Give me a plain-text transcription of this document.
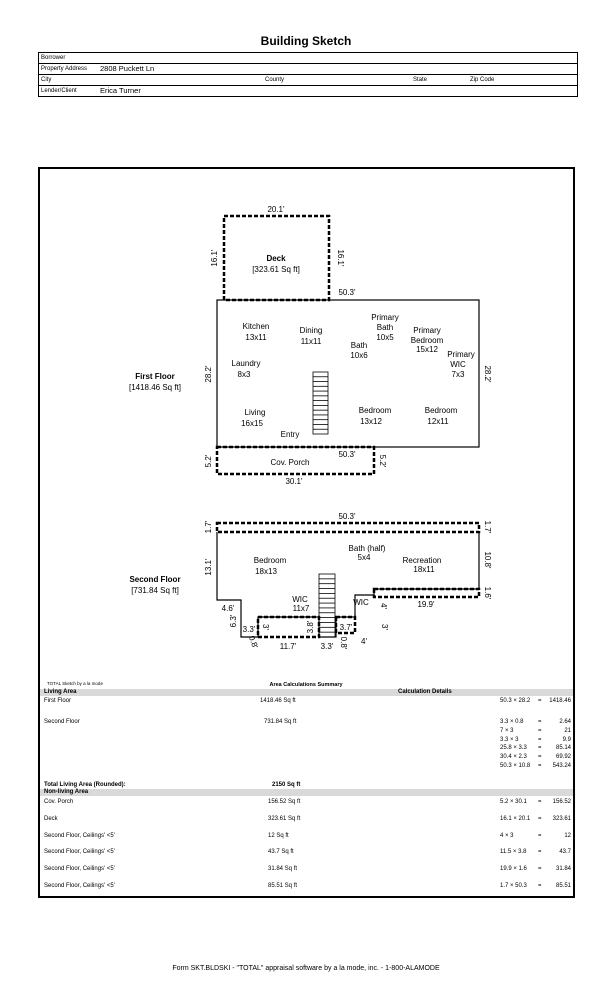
Building Sketch
Borrower
Property Address 2808 Puckett Ln
City	County	State	Zip Code
Lender/Client	Erica Turner
20.1'
16.1'	16.1'
Deck
[323.61 Sq ft]
50.3'
28.2'	28.2'
50.3'
First Floor
[1418.46 Sq ft]
Kitchen
13x11
Dining
11x11
Primary
Bath
10x5
Bath
10x6
Primary
Bedroom
15x12
Primary
WIC
7x3
Laundry
8x3
Living
16x15
Entry
Bedroom
13x12
Bedroom
12x11
Cov. Porch
5.2'	5.2'
30.1'
50.3'
1.7'	1.7'
13.1'	10.8'
1.6'
19.9'
4.6'
6.3'
3.3'
0.8'	11.7'
3'	3.8'
3.3'
3.7'
0.8'
4'
3'
4'
Second Floor
[731.84 Sq ft]
Bedroom
18x13
Bath (half)
5x4	Recreation
18x11
WIC
11x7
WIC
TOTAL Sketch by a la mode	Area Calculations Summary
Living Area	Calculation Details
First Floor	1418.46 Sq ft	50.3 × 28.2 =	1418.46
Second Floor	731.84 Sq ft	3.3 × 0.8 =	2.64
7 × 3	=	21
3.3 × 3	=	9.9
25.8 × 3.3 =	85.14
30.4 × 2.3 =	69.92
50.3 × 10.8 =	543.24
Total Living Area (Rounded):	2150 Sq ft
Non-living Area
Cov. Porch	156.52 Sq ft	5.2 × 30.1 =	156.52
Deck	323.61 Sq ft	16.1 × 20.1 =	323.61
Second Floor, Ceilings' <5'	12 Sq ft	4 × 3	=	12
Second Floor, Ceilings' <5'	43.7 Sq ft	11.5 × 3.8 =	43.7
Second Floor, Ceilings' <5'	31.84 Sq ft	19.9 × 1.6 =	31.84
Second Floor, Ceilings' <5'	85.51 Sq ft	1.7 × 50.3 =	85.51
Form SKT.BLDSKI - "TOTAL" appraisal software by a la mode, inc. - 1-800-ALAMODE
